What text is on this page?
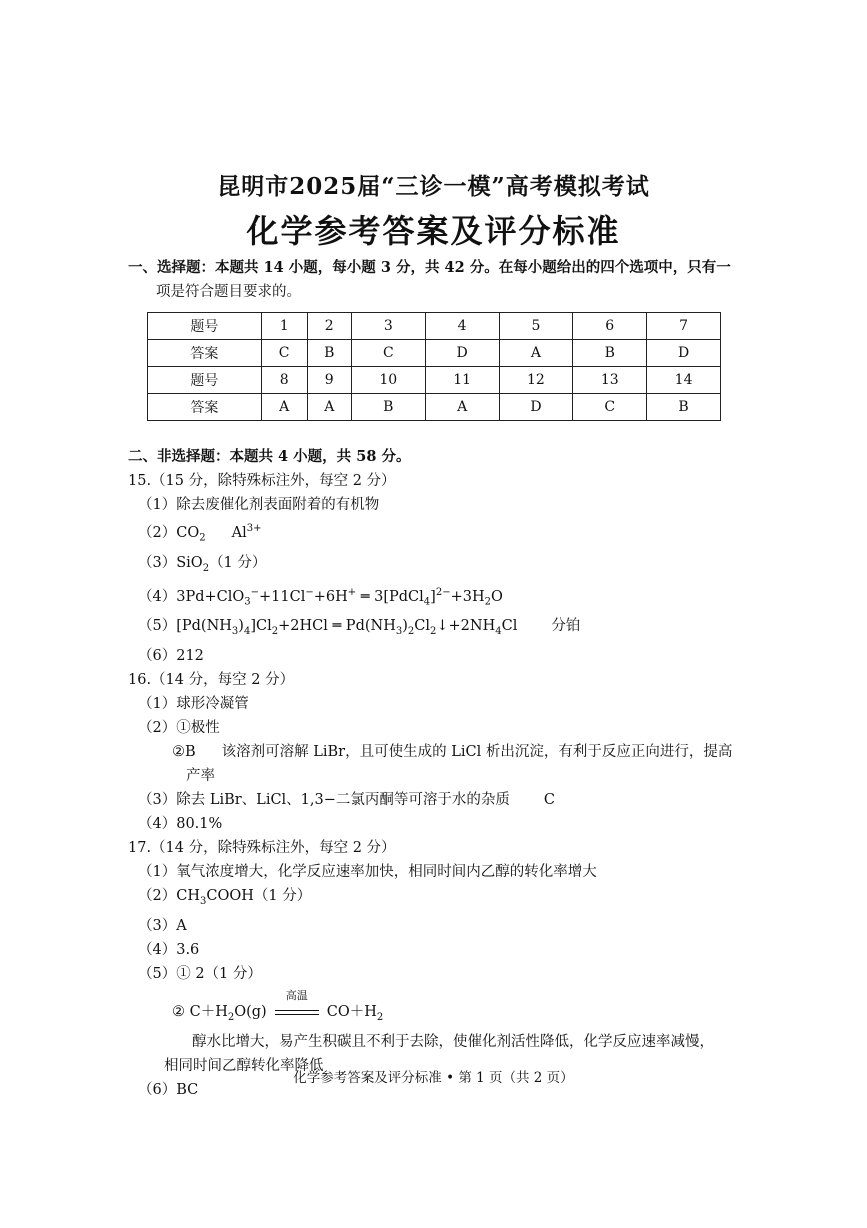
昆明市2025届“三诊一模”高考模拟考试
化学参考答案及评分标准
一、选择题：本题共 14 小题，每小题 3 分，共 42 分。在每小题给出的四个选项中，只有一
项是符合题目要求的。
题号	1	2	3	4	5	6	7
答案	C	B	C	D	A	B	D
题号	8	9	10	11	12	13	14
答案	A	A	B	A	D	C	B
二、非选择题：本题共 4 小题，共 58 分。
15.（15 分，除特殊标注外，每空 2 分）
（1）除去废催化剂表面附着的有机物
$(2)CO_2$ $Al^{3+}$
（3）SiO$_2$（1 分）
（4）3Pd+ClO$_3$−+11Cl−+6H+ ═ $3[PdCl_4]^{2-}+3H_2O$
$(5)[Pd(NH_3)_4]Cl_2+2HCl$ ═ $Pd(NH_3)_2Cl_2↓+2NH_4Cl$ 分铂
（6）212
16.（14 分，每空 2 分）
（1）球形冷凝管
（2）①极性
②B 该溶剂可溶解 LiBr，且可使生成的 LiCl 析出沉淀，有利于反应正向进行，提高
产率
（3）除去 LiBr、LiCl、1,3−二氯丙酮等可溶于水的杂质 C
（4）80.1%
17.（14 分，除特殊标注外，每空 2 分）
（1）氧气浓度增大，化学反应速率加快，相同时间内乙醇的转化率增大
$(2)CH_3COOH(1$ 分）
（3）A
（4）3.6
（5）① 2（1 分）
② $C+H_2O(g)$
高温
$CO+H_2$
醇水比增大，易产生积碳且不利于去除，使催化剂活性降低，化学反应速率减慢，
相同时间乙醇转化率降低
（6）BC
化学参考答案及评分标准 • 第 1 页（共 2 页）
